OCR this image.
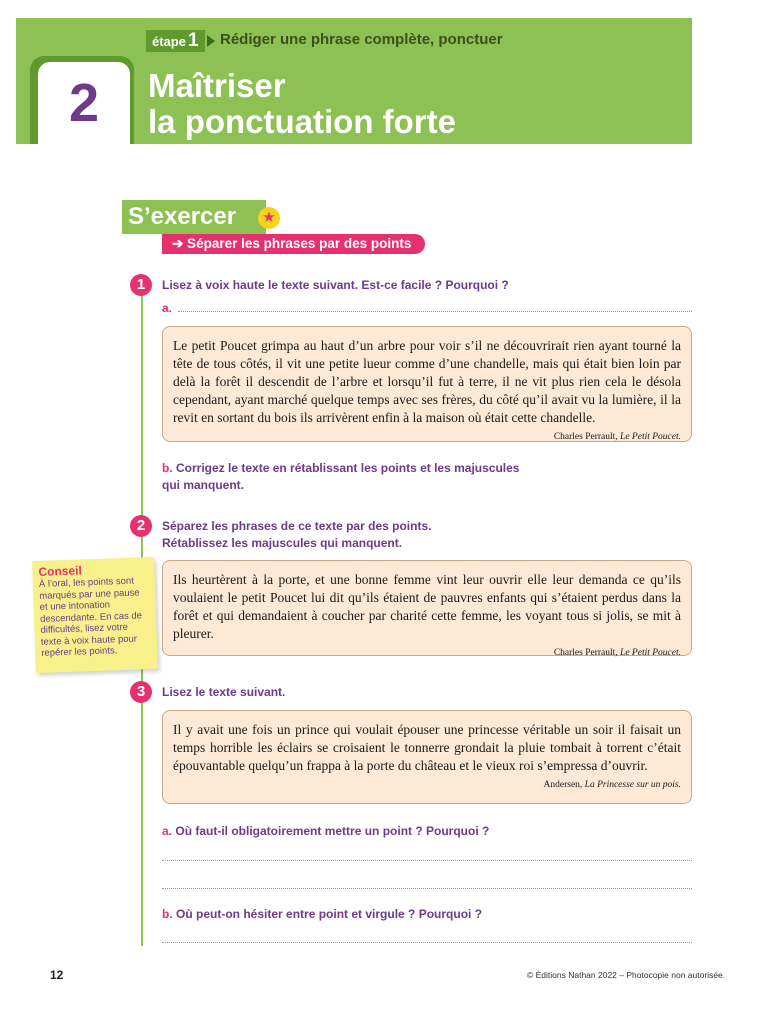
étape 1 Rédiger une phrase complète, ponctuer
2	Maîtriser
la ponctuation forte
S’exercer	★
➔ Séparer les phrases par des points
1	Lisez à voix haute le texte suivant. Est-ce facile ? Pourquoi ?
a.
Le petit Poucet grimpa au haut d’un arbre pour voir s’il ne découvrirait rien ayant tourné la tête de tous côtés, il vit une petite lueur comme d’une chandelle, mais qui était bien loin par delà la forêt il descendit de l’arbre et lorsqu’il fut à terre, il ne vit plus rien cela le désola cependant, ayant marché quelque temps avec ses frères, du côté qu’il avait vu la lumière, il la revit en sortant du bois ils arrivèrent enfin à la maison où était cette chandelle.
Charles Perrault, Le Petit Poucet.
b. Corrigez le texte en rétablissant les points et les majuscules
qui manquent.
2	Séparez les phrases de ce texte par des points.
Rétablissez les majuscules qui manquent.
Ils heurtèrent à la porte, et une bonne femme vint leur ouvrir elle leur demanda ce qu’ils voulaient le petit Poucet lui dit qu’ils étaient de pauvres enfants qui s’étaient perdus dans la forêt et qui demandaient à coucher par charité cette femme, les voyant tous si jolis, se mit à pleurer.
Charles Perrault, Le Petit Poucet.
Conseil
À l’oral, les points sont marqués par une pause et une intonation descendante. En cas de difficultés, lisez votre texte à voix haute pour repérer les points.
3	Lisez le texte suivant.
Il y avait une fois un prince qui voulait épouser une princesse véritable un soir il faisait un temps horrible les éclairs se croisaient le tonnerre grondait la pluie tombait à torrent c’était épouvantable quelqu’un frappa à la porte du château et le vieux roi s’empressa d’ouvrir.
Andersen, La Princesse sur un pois.
a. Où faut-il obligatoirement mettre un point ? Pourquoi ?
b. Où peut-on hésiter entre point et virgule ? Pourquoi ?
12	© Éditions Nathan 2022 – Photocopie non autorisée.
